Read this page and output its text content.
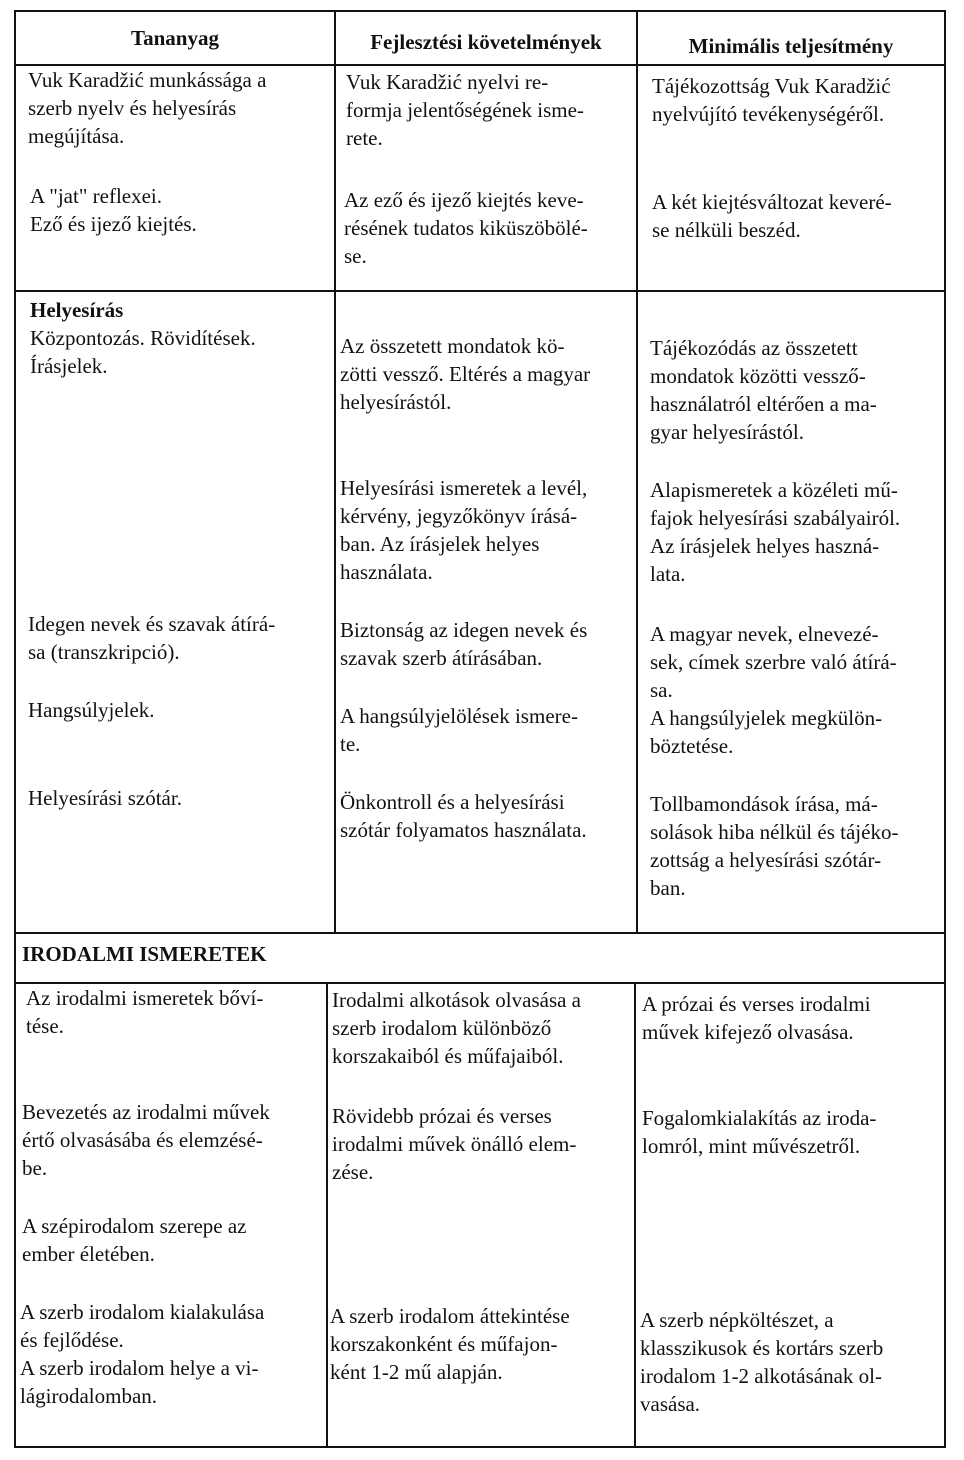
Tananyag	Fejlesztési követelmények	Minimális teljesítmény
Vuk Karadžić munkássága a
szerb nyelv és helyesírás
megújítása.
A "jat" reflexei.
Ező és ijező kiejtés.
Vuk Karadžić nyelvi re-
formja jelentőségének isme-
rete.
Az ező és ijező kiejtés keve-
résének tudatos kiküszöbölé-
se.
Tájékozottság Vuk Karadžić
nyelvújító tevékenységéről.
A két kiejtésváltozat keveré-
se nélküli beszéd.
Helyesírás
Központozás. Rövidítések.
Írásjelek.
Idegen nevek és szavak átírá-
sa (transzkripció).
Hangsúlyjelek.
Helyesírási szótár.
Az összetett mondatok kö-
zötti vessző. Eltérés a magyar
helyesírástól.
Helyesírási ismeretek a levél,
kérvény, jegyzőkönyv írásá-
ban. Az írásjelek helyes
használata.
Biztonság az idegen nevek és
szavak szerb átírásában.
A hangsúlyjelölések ismere-
te.
Önkontroll és a helyesírási
szótár folyamatos használata.
Tájékozódás az összetett
mondatok közötti vessző-
használatról eltérően a ma-
gyar helyesírástól.
Alapismeretek a közéleti mű-
fajok helyesírási szabályairól.
Az írásjelek helyes haszná-
lata.
A magyar nevek, elnevezé-
sek, címek szerbre való átírá-
sa.
A hangsúlyjelek megkülön-
böztetése.
Tollbamondások írása, má-
solások hiba nélkül és tájéko-
zottság a helyesírási szótár-
ban.
IRODALMI ISMERETEK
Az irodalmi ismeretek bőví-
tése.
Bevezetés az irodalmi művek
értő olvasásába és elemzésé-
be.
A szépirodalom szerepe az
ember életében.
A szerb irodalom kialakulása
és fejlődése.
A szerb irodalom helye a vi-
lágirodalomban.
Irodalmi alkotások olvasása a
szerb irodalom különböző
korszakaiból és műfajaiból.
Rövidebb prózai és verses
irodalmi művek önálló elem-
zése.
A szerb irodalom áttekintése
korszakonként és műfajon-
ként 1-2 mű alapján.
A prózai és verses irodalmi
művek kifejező olvasása.
Fogalomkialakítás az iroda-
lomról, mint művészetről.
A szerb népköltészet, a
klasszikusok és kortárs szerb
irodalom 1-2 alkotásának ol-
vasása.
